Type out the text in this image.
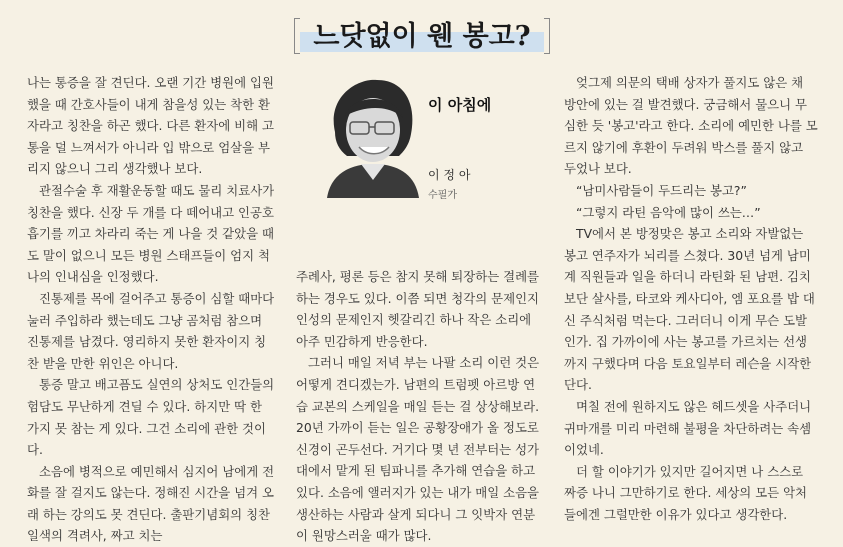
느닷없이 웬 봉고?

나는 통증을 잘 견딘다. 오랜 기간 병원에 입원했을 때 간호사들이 내게 참을성 있는 착한 환자라고 칭찬을 하곤 했다. 다른 환자에 비해 고통을 덜 느껴서가 아니라 입 밖으로 엄살을 부리지 않으니 그리 생각했나 보다.

관절수술 후 재활운동할 때도 물리 치료사가 칭찬을 했다. 신장 두 개를 다 떼어내고 인공호흡기를 끼고 차라리 죽는 게 나을 것 같았을 때도 말이 없으니 모든 병원 스태프들이 엄지 척 나의 인내심을 인정했다.

진통제를 목에 걸어주고 통증이 심할 때마다 눌러 주입하라 했는데도 그냥 곰처럼 참으며 진통제를 남겼다. 영리하지 못한 환자이지 칭찬 받을 만한 위인은 아니다.

통증 말고 배고픔도 실연의 상처도 인간들의 험담도 무난하게 견딜 수 있다. 하지만 딱 한 가지 못 참는 게 있다. 그건 소리에 관한 것이다.

소음에 병적으로 예민해서 심지어 남에게 전화를 잘 걸지도 않는다. 정해진 시간을 넘겨 오래 하는 강의도 못 견딘다. 출판기념회의 칭찬 일색의 격려사, 짜고 치는

이 아침에
이 정 아
수필가

주례사, 평론 등은 참지 못해 퇴장하는 결례를 하는 경우도 있다. 이쯤 되면 청각의 문제인지 인성의 문제인지 헷갈리긴 하나 작은 소리에 아주 민감하게 반응한다.

그러니 매일 저녁 부는 나팔 소리 이런 것은 어떻게 견디겠는가. 남편의 트럼펫 아르방 연습 교본의 스케일을 매일 듣는 걸 상상해보라. 20년 가까이 듣는 일은 공황장애가 올 정도로 신경이 곤두선다. 거기다 몇 년 전부터는 성가대에서 맡게 된 팀파니를 추가해 연습을 하고 있다. 소음에 앨러지가 있는 내가 매일 소음을 생산하는 사람과 살게 되다니 그 잇박자 연분이 원망스러울 때가 많다.

엊그제 의문의 택배 상자가 풀지도 않은 채 방안에 있는 걸 발견했다. 궁금해서 물으니 무심한 듯 '봉고'라고 한다. 소리에 예민한 나를 모르지 않기에 후환이 두려워 박스를 풀지 않고 두었나 보다.

“남미사람들이 두드리는 봉고?”

“그렇지 라틴 음악에 많이 쓰는…”

TV에서 본 방정맞은 봉고 소리와 자발없는 봉고 연주자가 뇌리를 스쳤다. 30년 넘게 남미계 직원들과 일을 하더니 라틴화 된 남편. 김치보단 살사를, 타코와 케사디아, 엠 포요를 밥 대신 주식처럼 먹는다. 그러더니 이게 무슨 도발인가. 집 가까이에 사는 봉고를 가르치는 선생까지 구했다며 다음 토요일부터 레슨을 시작한단다.

며칠 전에 원하지도 않은 헤드셋을 사주더니 귀마개를 미리 마련해 불평을 차단하려는 속셈이었네.

더 할 이야기가 있지만 길어지면 나 스스로 짜증 나니 그만하기로 한다. 세상의 모든 악처들에겐 그럴만한 이유가 있다고 생각한다.
